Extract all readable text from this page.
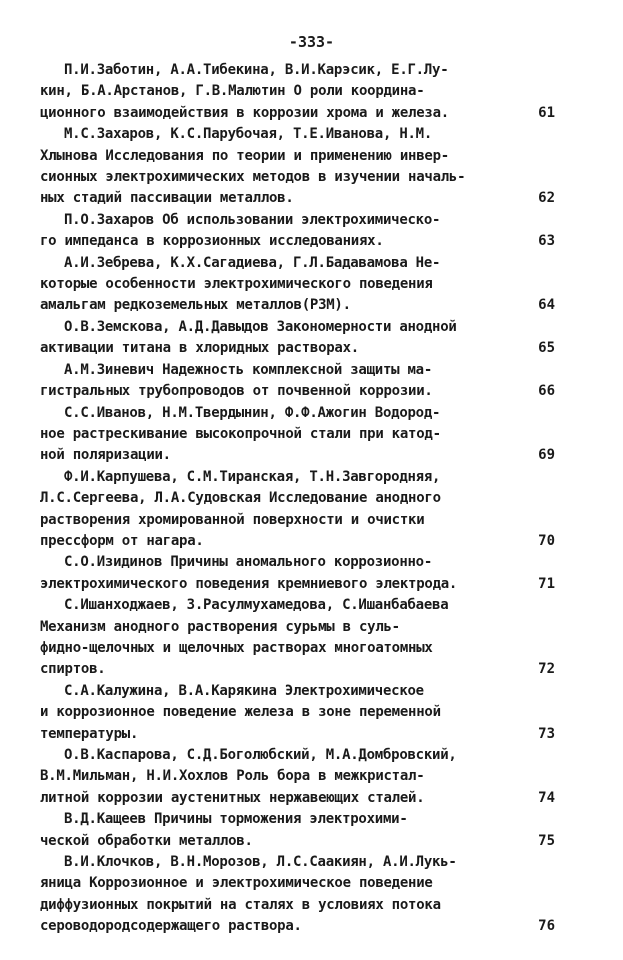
-333-
П.И.Заботин, А.А.Тибекина, В.И.Карэсик, Е.Г.Лу-
кин, Б.А.Арстанов, Г.В.Малютин О роли координа-
ционного взаимодействия в коррозии хрома и железа.	61
М.С.Захаров, К.С.Парубочая, Т.Е.Иванова, Н.М.
Хлынова Исследования по теории и применению инвер-
сионных электрохимических методов в изучении началь-
ных стадий пассивации металлов.	62
П.О.Захаров Об использовании электрохимическо-
го импеданса в коррозионных исследованиях.	63
А.И.Зебрева, К.Х.Сагадиева, Г.Л.Бадавамова Не-
которые особенности электрохимического поведения
амальгам редкоземельных металлов(РЗМ).	64
О.В.Земскова, А.Д.Давыдов Закономерности анодной
активации титана в хлоридных растворах.	65
А.М.Зиневич Надежность комплексной защиты ма-
гистральных трубопроводов от почвенной коррозии.	66
С.С.Иванов, Н.М.Твердынин, Ф.Ф.Ажогин Водород-
ное растрескивание высокопрочной стали при катод-
ной поляризации.	69
Ф.И.Карпушева, С.М.Тиранская, Т.Н.Завгородняя,
Л.С.Сергеева, Л.А.Судовская Исследование анодного
растворения хромированной поверхности и очистки
прессформ от нагара.	70
С.О.Изидинов Причины аномального коррозионно-
электрохимического поведения кремниевого электрода.	71
С.Ишанходжаев, З.Расулмухамедова, С.Ишанбабаева
Механизм анодного растворения сурьмы в суль-
фидно-щелочных и щелочных растворах многоатомных
спиртов.	72
С.А.Калужина, В.А.Карякина Электрохимическое
и коррозионное поведение железа в зоне переменной
температуры.	73
О.В.Каспарова, С.Д.Боголюбский, М.А.Домбровский,
В.М.Мильман, Н.И.Хохлов Роль бора в межкристал-
литной коррозии аустенитных нержавеющих сталей.	74
В.Д.Кащеев Причины торможения электрохими-
ческой обработки металлов.	75
В.И.Клочков, В.Н.Морозов, Л.С.Саакиян, А.И.Лукь-
яница Коррозионное и электрохимическое поведение
диффузионных покрытий на сталях в условиях потока
сероводородсодержащего раствора.	76
